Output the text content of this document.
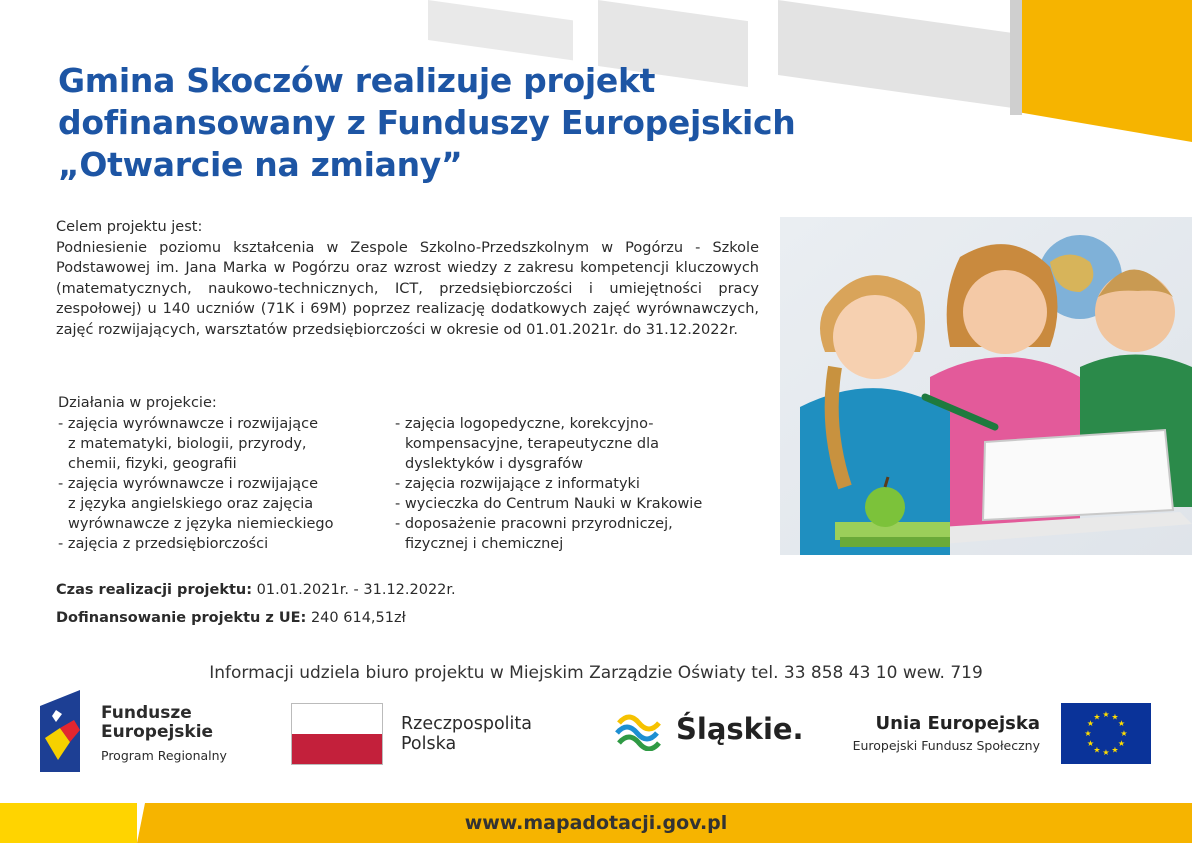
Gmina Skoczów realizuje projekt
dofinansowany z Funduszy Europejskich
„Otwarcie na zmiany”
Celem projektu jest:

Podniesienie poziomu kształcenia w Zespole Szkolno-Przedszkolnym w Pogórzu - Szkole Podstawowej im. Jana Marka w Pogórzu oraz wzrost wiedzy z zakresu kompetencji kluczowych (matematycznych, naukowo-technicznych, ICT, przedsiębiorczości i umiejętności pracy zespołowej) u 140 uczniów (71K i 69M) poprzez realizację dodatkowych zajęć wyrównawczych, zajęć rozwijających, warsztatów przedsiębiorczości w okresie od 01.01.2021r. do 31.12.2022r.

Działania w projekcie:
- zajęcia wyrównawcze i rozwijające
z matematyki, biologii, przyrody,
chemii, fizyki, geografii
- zajęcia wyrównawcze i rozwijające
z języka angielskiego oraz zajęcia
wyrównawcze z języka niemieckiego
- zajęcia z przedsiębiorczości
- zajęcia logopedyczne, korekcyjno-
kompensacyjne, terapeutyczne dla
dyslektyków i dysgrafów
- zajęcia rozwijające z informatyki
- wycieczka do Centrum Nauki w Krakowie
- doposażenie pracowni przyrodniczej,
fizycznej i chemicznej
Czas realizacji projektu: 01.01.2021r. - 31.12.2022r.
Dofinansowanie projektu z UE: 240 614,51zł
Informacji udziela biuro projektu w Miejskim Zarządzie Oświaty tel. 33 858 43 10 wew. 719
Fundusze
Europejskie
Program Regionalny
Rzeczpospolita
Polska	Śląskie.	Unia Europejska
Europejski Fundusz Społeczny
★ ★
★
★
★
★
★
★
★
★
★
★
www.mapadotacji.gov.pl
